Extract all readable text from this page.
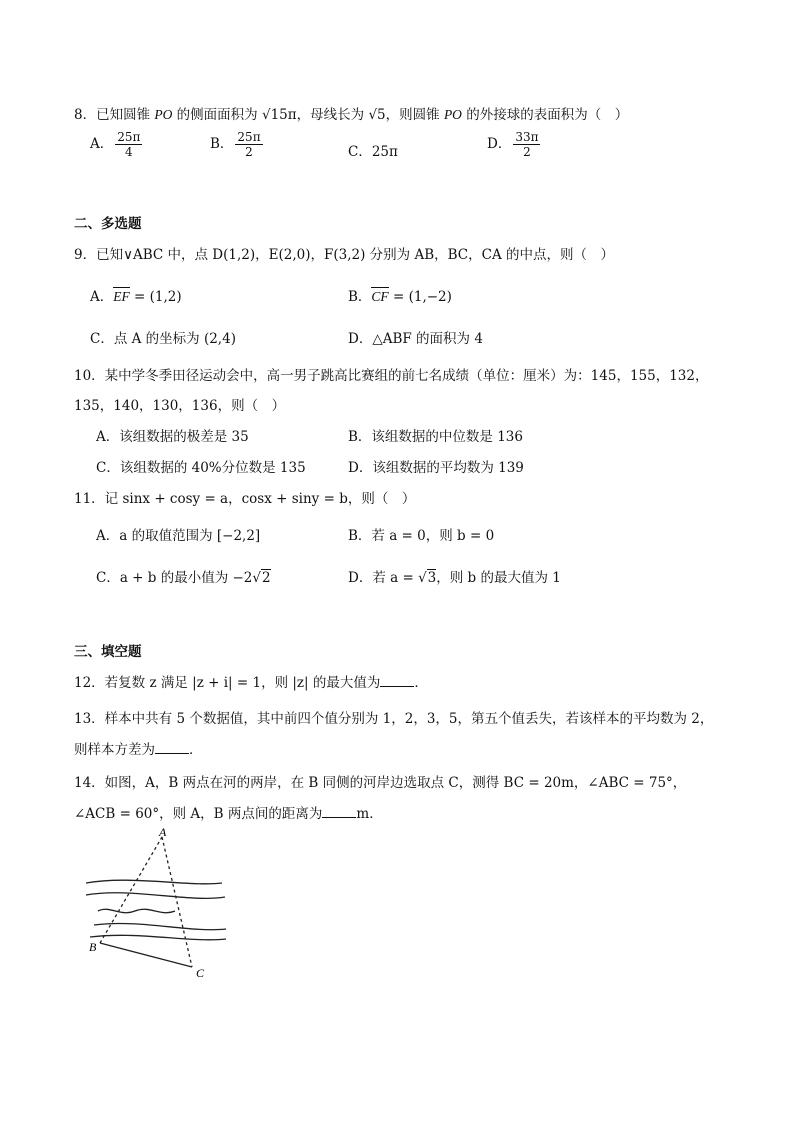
8．已知圆锥 PO 的侧面面积为 √15π，母线长为 √5，则圆锥 PO 的外接球的表面积为（　）
A． $\frac{25\pi}{4}$	B． $\frac{25\pi}{2}$	C．25π	D． $\frac{33\pi}{2}$
二、多选题
9．已知∨ABC 中，点 D(1,2)，E(2,0)，F(3,2) 分别为 AB，BC，CA 的中点，则（　）
A．EF = (1,2)	B．CF = (1,−2)
C．点 A 的坐标为 (2,4)	D．△ABF 的面积为 4
10．某中学冬季田径运动会中，高一男子跳高比赛组的前七名成绩（单位：厘米）为：145，155，132，
135，140，130，136，则（　）
A．该组数据的极差是 35	B．该组数据的中位数是 136
C．该组数据的 40%分位数是 135	D．该组数据的平均数为 139
11．记 sinx + cosy = a，cosx + siny = b，则（　）
A．a 的取值范围为 [−2,2]	B．若 a = 0，则 b = 0
C．a + b 的最小值为 −2√2	D．若 a = √3，则 b 的最大值为 1
三、填空题
12．若复数 z 满足 |z + i| = 1，则 |z| 的最大值为	．
13．样本中共有 5 个数据值，其中前四个值分别为 1，2，3，5，第五个值丢失，若该样本的平均数为 2，
则样本方差为	．
14．如图，A，B 两点在河的两岸，在 B 同侧的河岸边选取点 C，测得 BC = 20m，∠ABC = 75°，
∠ACB = 60°，则 A，B 两点间的距离为	m．
A
B
C
